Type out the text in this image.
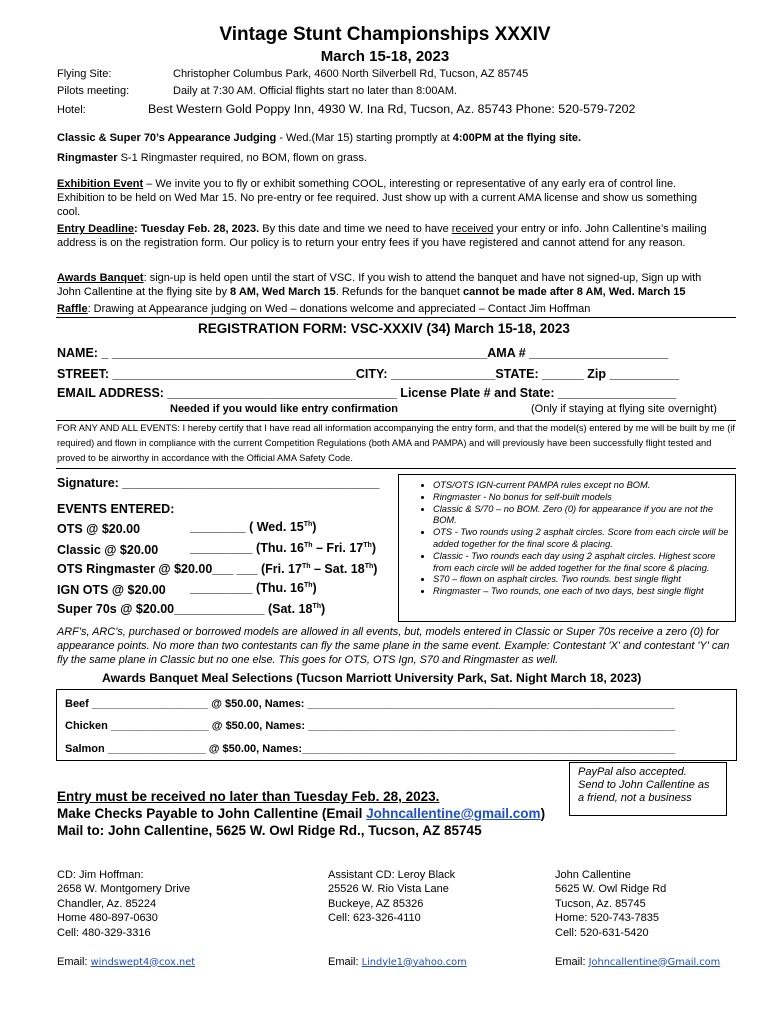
Vintage Stunt Championships XXXIV
March 15-18, 2023
Flying Site:	Christopher Columbus Park, 4600 North Silverbell Rd, Tucson, AZ 85745
Pilots meeting:	Daily at 7:30 AM. Official flights start no later than 8:00AM.
Hotel:	Best Western Gold Poppy Inn, 4930 W. Ina Rd, Tucson, Az. 85743 Phone: 520-579-7202
Classic & Super 70’s Appearance Judging - Wed.(Mar 15) starting promptly at 4:00PM at the flying site.
Ringmaster S-1 Ringmaster required, no BOM, flown on grass.
Exhibition Event – We invite you to fly or exhibit something COOL, interesting or representative of any early era of control line. Exhibition to be held on Wed Mar 15. No pre-entry or fee required. Just show up with a current AMA license and show us something cool.
Entry Deadline: Tuesday Feb. 28, 2023. By this date and time we need to have received your entry or info. John Callentine’s mailing address is on the registration form. Our policy is to return your entry fees if you have registered and cannot attend for any reason.
Awards Banquet: sign-up is held open until the start of VSC. If you wish to attend the banquet and have not signed-up, Sign up with John Callentine at the flying site by 8 AM, Wed March 15. Refunds for the banquet cannot be made after 8 AM, Wed. March 15
Raffle: Drawing at Appearance judging on Wed – donations welcome and appreciated – Contact Jim Hoffman
REGISTRATION FORM: VSC-XXXIV (34) March 15-18, 2023
NAME: _ ______________________________________________________AMA # ____________________
STREET: ___________________________________CITY: _______________STATE: ______ Zip __________
EMAIL ADDRESS: _________________________________ License Plate # and State: _________________
Needed if you would like entry confirmation	(Only if staying at flying site overnight)
FOR ANY AND ALL EVENTS: I hereby certify that I have read all information accompanying the entry form, and that the model(s) entered by me will be built by me (if required) and flown in compliance with the current Competition Regulations (both AMA and PAMPA) and will previously have been successfully flight tested and proved to be airworthy in accordance with the Official AMA Safety Code.
Signature: _____________________________________
EVENTS ENTERED:
OTS @ $20.00	________ ( Wed. 15Th)
Classic @ $20.00	_________ (Thu. 16Th – Fri. 17Th)
OTS Ringmaster @ $20.00___ ___ (Fri. 17Th – Sat. 18Th)
IGN OTS @ $20.00 _________ (Thu. 16Th)
Super 70s @ $20.00_____________ (Sat. 18Th)
• OTS/OTS IGN-current PAMPA rules except no BOM.
• Ringmaster - No bonus for self-built models
• Classic & S/70 – no BOM. Zero (0) for appearance if you are not the BOM.
• OTS - Two rounds using 2 asphalt circles. Score from each circle will be added together for the final score & placing.
• Classic - Two rounds each day using 2 asphalt circles. Highest score from each circle will be added together for the final score & placing.
• S70 – flown on asphalt circles. Two rounds. best single flight
• Ringmaster – Two rounds, one each of two days, best single flight
ARF’s, ARC’s, purchased or borrowed models are allowed in all events, but, models entered in Classic or Super 70s receive a zero (0) for appearance points. No more than two contestants can fly the same plane in the same event. Example: Contestant 'X' and contestant 'Y' can fly the same plane in Classic but no one else. This goes for OTS, OTS Ign, S70 and Ringmaster as well.
Awards Banquet Meal Selections (Tucson Marriott University Park, Sat. Night March 18, 2023)
Beef ___________________ @ $50.00, Names: ____________________________________________________________
Chicken ________________ @ $50.00, Names: ____________________________________________________________
Salmon ________________ @ $50.00, Names:_____________________________________________________________
PayPal also accepted.
Send to John Callentine as
a friend, not a business
Entry must be received no later than Tuesday Feb. 28, 2023.
Make Checks Payable to John Callentine (Email Johncallentine@gmail.com)
Mail to: John Callentine, 5625 W. Owl Ridge Rd., Tucson, AZ 85745

CD: Jim Hoffman:
2658 W. Montgomery Drive
Chandler, Az. 85224
Home 480-897-0630
Cell: 480-329-3316

Email: windswept4@cox.net

Assistant CD: Leroy Black
25526 W. Rio Vista Lane
Buckeye, AZ 85326
Cell: 623-326-4110

Email: Lindyle1@yahoo.com

John Callentine
5625 W. Owl Ridge Rd
Tucson, Az. 85745
Home: 520-743-7835
Cell: 520-631-5420

Email: Johncallentine@Gmail.com
